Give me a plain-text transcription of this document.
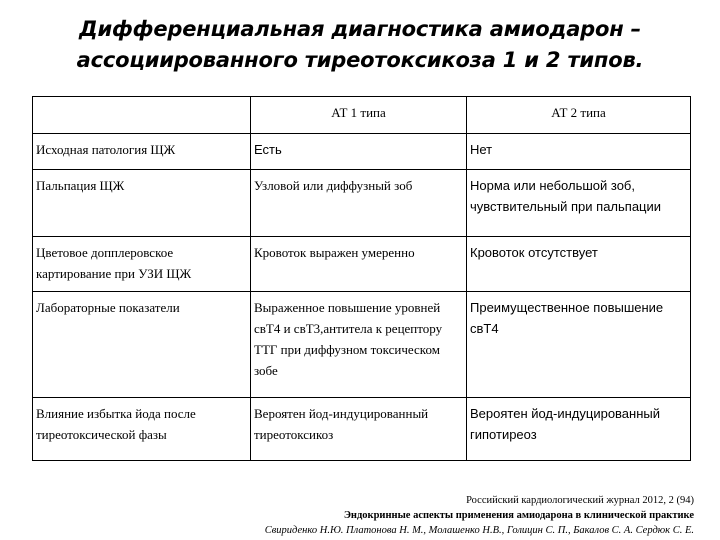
Дифференциальная диагностика амиодарон –
ассоциированного тиреотоксикоза 1 и 2 типов.
	АТ 1 типа	АТ 2 типа
Исходная патология ЩЖ	Есть	Нет
Пальпация ЩЖ	Узловой или диффузный зоб	Норма или небольшой зоб, чувствительный при пальпации
Цветовое допплеровское картирование при УЗИ ЩЖ	Кровоток выражен умеренно	Кровоток отсутствует
Лабораторные показатели	Выраженное повышение уровней свТ4 и свТ3,антитела к рецептору ТТГ при диффузном токсическом зобе	Преимущественное повышение свТ4
Влияние избытка йода после тиреотоксической фазы	Вероятен йод-индуцированный тиреотоксикоз	Вероятен йод-индуцированный гипотиреоз
Российский кардиологический журнал 2012, 2 (94)
Эндокринные аспекты применения амиодарона в клинической практике
Свириденко Н.Ю. Платонова Н. М., Молашенко Н.В., Голицин С. П., Бакалов С. А. Сердюк С. Е.
